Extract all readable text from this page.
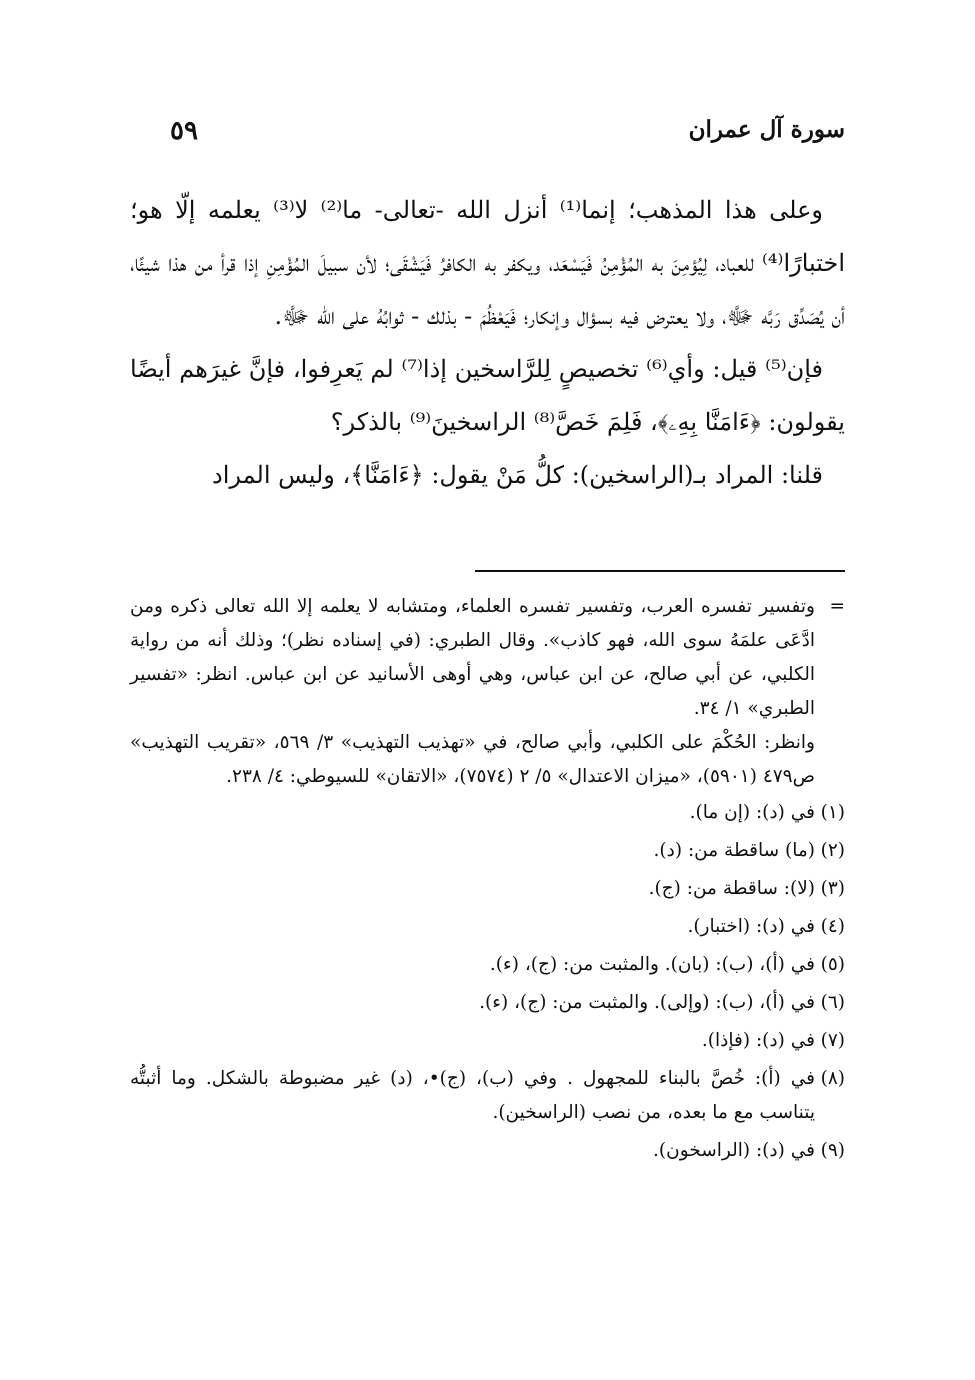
سورة آل عمران
٥٩

وعلى هذا المذهب؛ إنما⁽¹⁾ أنزل الله -تعالى- ما⁽²⁾ لا⁽³⁾ يعلمه إلّا هو؛ اختبارًا⁽⁴⁾ للعباد، لِيُؤمِنَ به المُؤْمِنُ فَيَسْعَد، ويكفر به الكافرُ فَيَشْقَى؛ لأن سبيلَ المُؤْمِنِ إذا قرأ من هذا شيئًا، أن يُصَدِّق رَبَّه ﷻ، ولا يعترض فيه بسؤال وإنكار؛ فَيَعْظُمَ - بذلك - ثوابُهُ على الله ﷻ.

فإن⁽⁵⁾ قيل: وأي⁽⁶⁾ تخصيصٍ لِلرَّاسخين إذا⁽⁷⁾ لم يَعرِفوا، فإنَّ غيرَهم أيضًا يقولون: ﴿ءَامَنَّا بِهِۦ﴾، فَلِمَ خَصَّ⁽⁸⁾ الراسخينَ⁽⁹⁾ بالذكر؟

قلنا: المراد بـ(الراسخين): كلُّ مَنْ يقول: ﴿ءَامَنَّا﴾، وليس المراد

=
وتفسير تفسره العرب، وتفسير تفسره العلماء، ومتشابه لا يعلمه إلا الله تعالى ذكره ومن ادَّعَى علمَهُ سوى الله، فهو كاذب». وقال الطبري: (في إسناده نظر)؛ وذلك أنه من رواية الكلبي، عن أبي صالح، عن ابن عباس، وهي أوهى الأسانيد عن ابن عباس. انظر: «تفسير الطبري» ١/ ٣٤.

وانظر: الحُكْمَ على الكلبي، وأبي صالح، في «تهذيب التهذيب» ٣/ ٥٦٩، «تقريب التهذيب» ص٤٧٩ (٥٩٠١)، «ميزان الاعتدال» ٥/ ٢ (٧٥٧٤)، «الاتقان» للسيوطي: ٤/ ٢٣٨.

(١)
في (د): (إن ما).
(٢)
(ما) ساقطة من: (د).
(٣)
(لا): ساقطة من: (ج).
(٤)
في (د): (اختبار).
(٥)
في (أ)، (ب): (بان). والمثبت من: (ج)، (ء).
(٦)
في (أ)، (ب): (وإلى). والمثبت من: (ج)، (ء).
(٧)
في (د): (فإذا).
(٨)
في (أ): خُصَّ بالبناء للمجهول . وفي (ب)، (ج)•، (د) غير مضبوطة بالشكل. وما أثبتُّه يتناسب مع ما بعده، من نصب (الراسخين).
(٩)
في (د): (الراسخون).
